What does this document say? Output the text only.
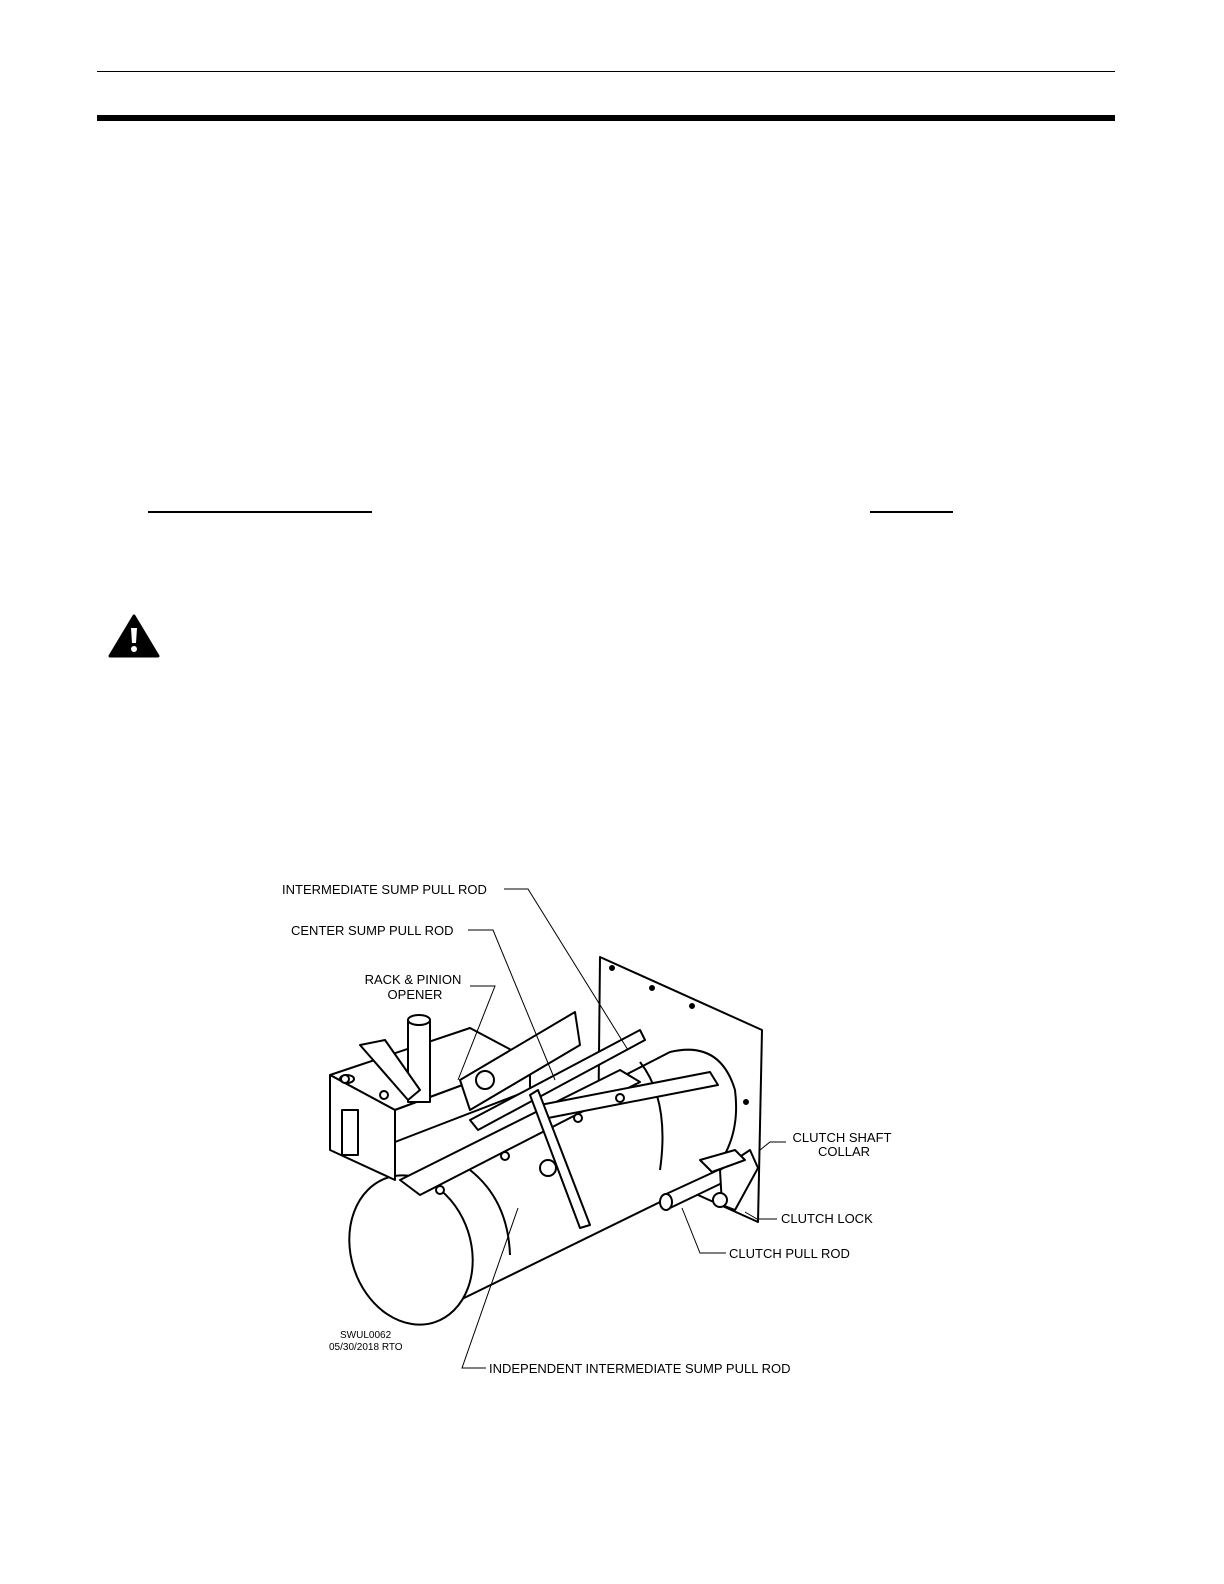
INTERMEDIATE SUMP PULL ROD
CENTER SUMP PULL ROD
RACK & PINION
OPENER
CLUTCH SHAFT
COLLAR
CLUTCH LOCK
CLUTCH PULL ROD
INDEPENDENT INTERMEDIATE SUMP PULL ROD
SWUL0062
05/30/2018 RTO
